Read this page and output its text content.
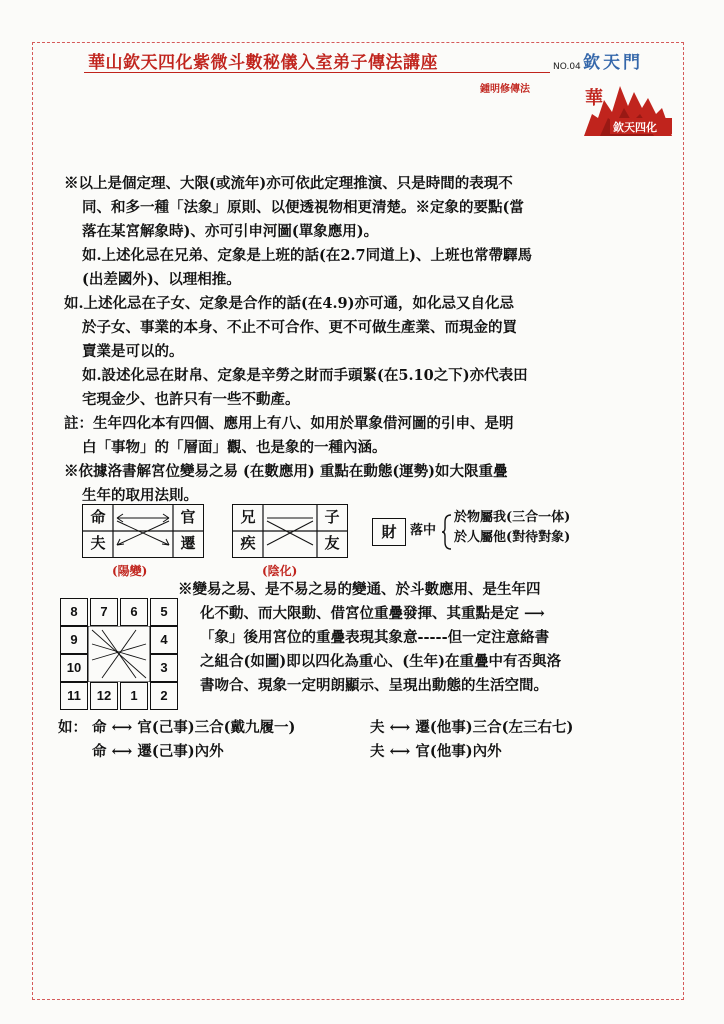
華山欽天四化紫微斗數秘儀入室弟子傳法講座	NO.04 欽天門
鍾明修傳法	華
欽天四化
※以上是個定理、大限(或流年)亦可依此定理推演、只是時間的表現不
同、和多一種「法象」原則、以便透視物相更清楚。※定象的要點(當
落在某宮解象時)、亦可引申河圖(單象應用)。
如.上述化忌在兄弟、定象是上班的話(在2.7同道上)、上班也常帶驛馬
(出差國外)、以理相推。
如.上述化忌在子女、定象是合作的話(在4.9)亦可通，如化忌又自化忌
於子女、事業的本身、不止不可合作、更不可做生產業、而現金的買
賣業是可以的。
如.設述化忌在財帛、定象是辛勞之財而手頭緊(在5.10之下)亦代表田
宅現金少、也許只有一些不動產。
註：生年四化本有四個、應用上有八、如用於單象借河圖的引申、是明
白「事物」的「層面」觀、也是象的一種內涵。
※依據洛書解宮位變易之易 (在數應用) 重點在動態(運勢)如大限重疊
生年的取用法則。
命	官
夫	遷
(陽變)
兄	子
疾	友
(陰化)
財	落中
於物屬我(三合一体)
於人屬他(對待對象)
8	7	6	5
9	4
10	3
11	12	1	2
※變易之易、是不易之易的變通、於斗數應用、是生年四
化不動、而大限動、借宮位重疊發揮、其重點是定 ⟶
「象」後用宮位的重疊表現其象意-----但一定注意絡書
之組合(如圖)即以四化為重心、(生年)在重疊中有否與洛
書吻合、現象一定明朗顯示、呈現出動態的生活空間。
如： 命 ⟷ 官(己事)三合(戴九履一)
命 ⟷ 遷(己事)內外
夫 ⟷ 遷(他事)三合(左三右七)
夫 ⟷ 官(他事)內外
